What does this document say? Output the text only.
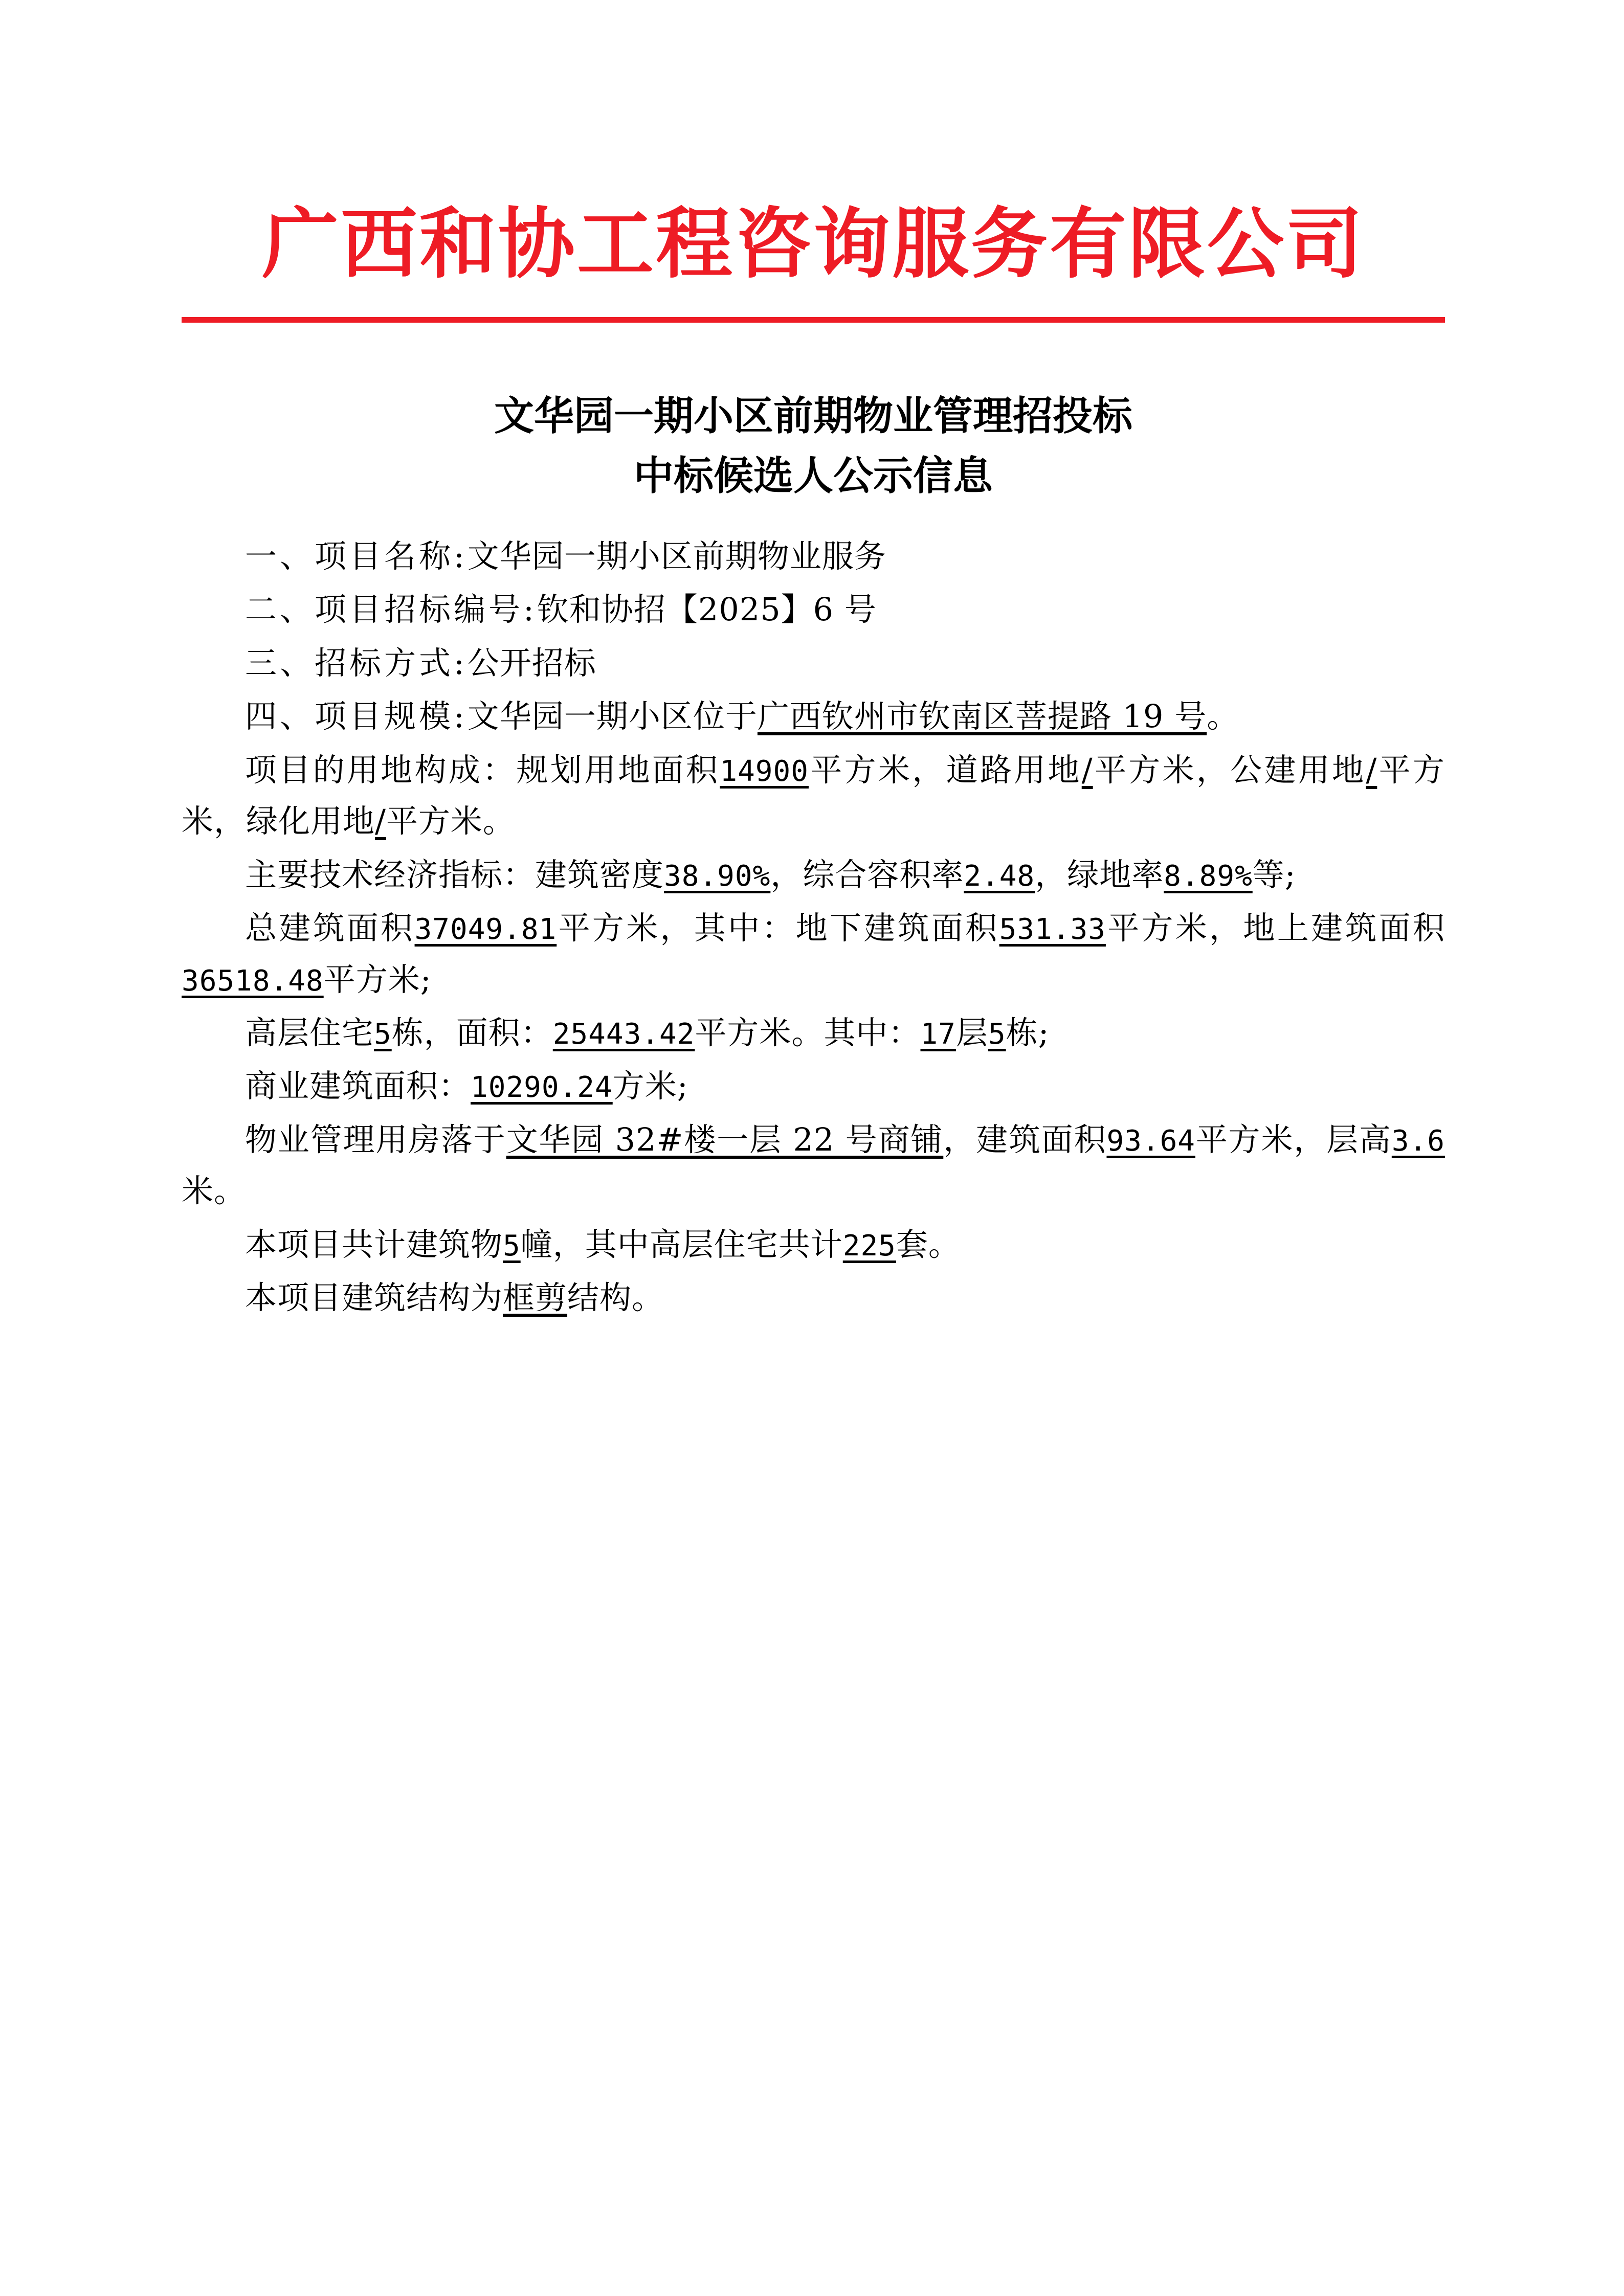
广西和协工程咨询服务有限公司
文华园一期小区前期物业管理招投标
中标候选人公示信息

一、项目名称:文华园一期小区前期物业服务

二、项目招标编号:钦和协招【2025】6 号

三、招标方式:公开招标

四、项目规模:文华园一期小区位于广西钦州市钦南区菩提路 19 号。

项目的用地构成：规划用地面积14900平方米，道路用地/平方米，公建用地/平方米，绿化用地/平方米。

主要技术经济指标：建筑密度38.90%，综合容积率2.48，绿地率8.89%等;

总建筑面积37049.81平方米，其中：地下建筑面积531.33平方米，地上建筑面积36518.48平方米;

高层住宅5栋，面积：25443.42平方米。其中：17层5栋;

商业建筑面积：10290.24方米;

物业管理用房落于文华园 32#楼一层 22 号商铺，建筑面积93.64平方米，层高3.6米。

本项目共计建筑物5幢，其中高层住宅共计225套。

本项目建筑结构为框剪结构。
